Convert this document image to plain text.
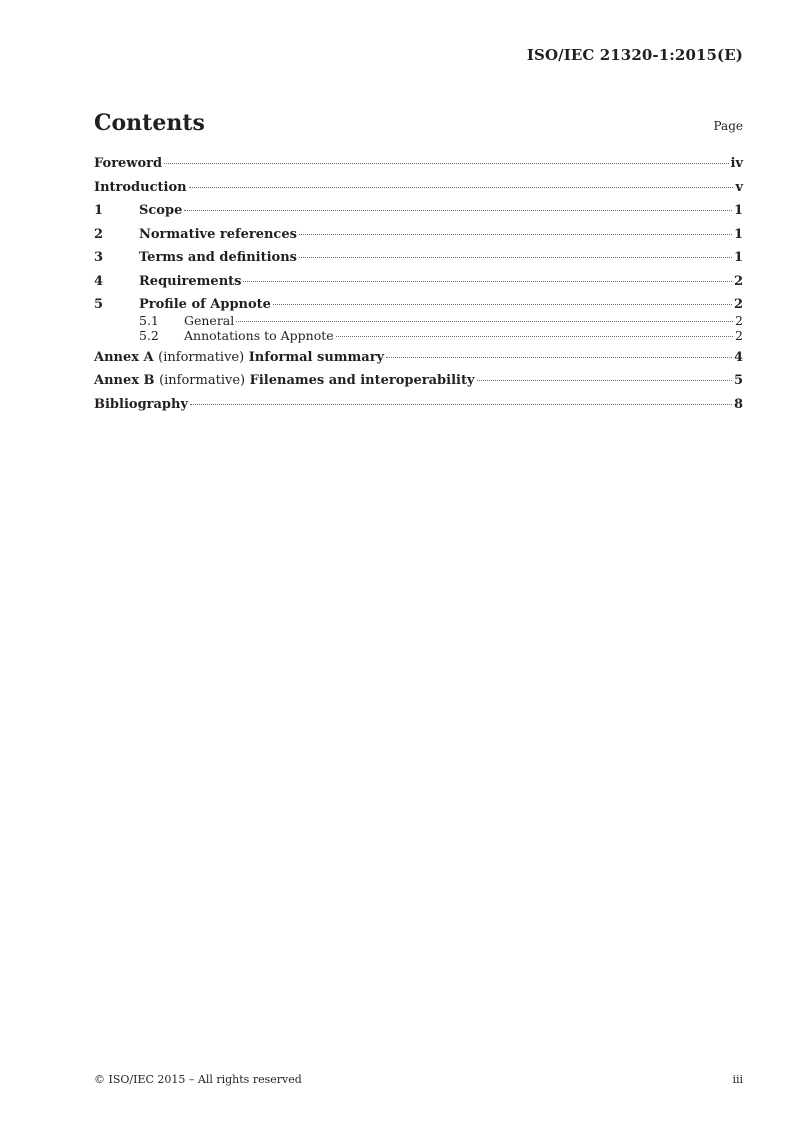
ISO/IEC 21320-1:2015(E)
Contents	Page
Foreword	iv
Introduction	v
1	Scope	1
2	Normative references	1
3	Terms and definitions	1
4	Requirements	2
5	Profile of Appnote	2
5.1	General	2
5.2	Annotations to Appnote	2
Annex A (informative) Informal summary	4
Annex B (informative) Filenames and interoperability	5
Bibliography	8
© ISO/IEC 2015 – All rights reserved	iii
